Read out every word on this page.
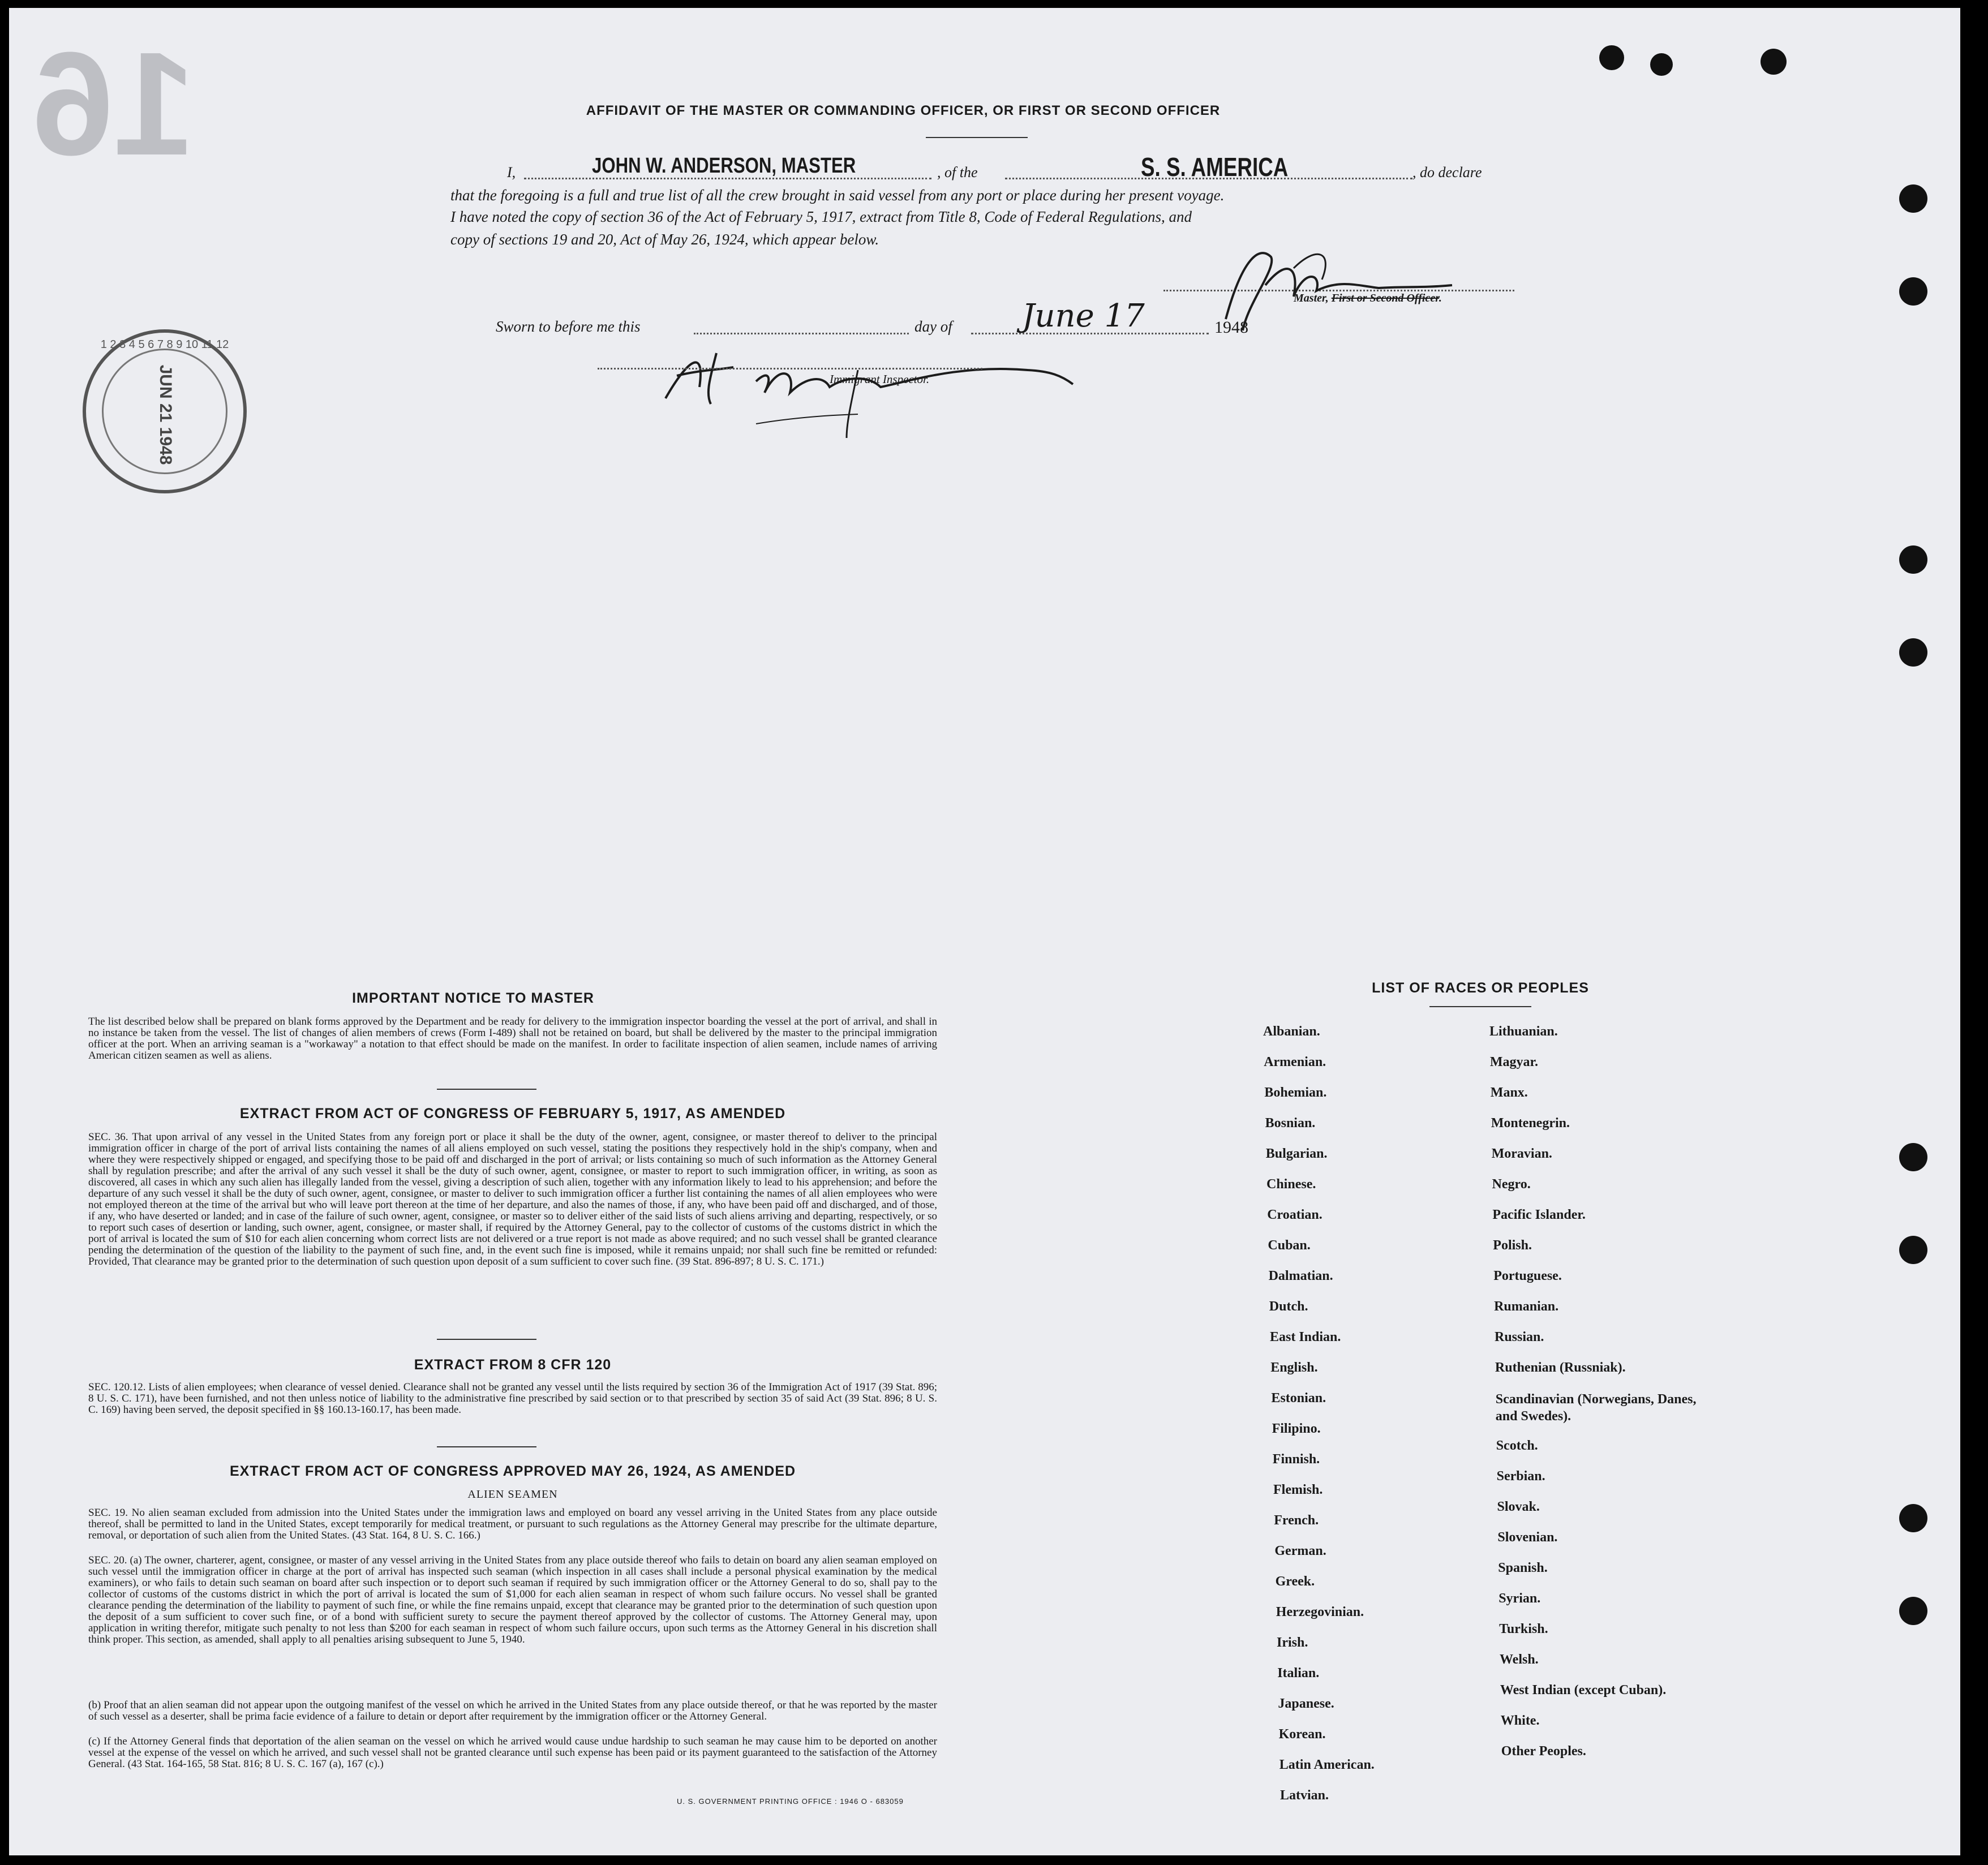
16	AFFIDAVIT OF THE MASTER OR COMMANDING OFFICER, OR FIRST OR SECOND OFFICER
I,	JOHN W. ANDERSON, MASTER	, of the	S. S. AMERICA	, do declare
that the foregoing is a full and true list of all the crew brought in said vessel from any port or place during her present voyage.
I have noted the copy of section 36 of the Act of February 5, 1917, extract from Title 8, Code of Federal Regulations, and
copy of sections 19 and 20, Act of May 26, 1924, which appear below.
Master, First or Second Officer.
Sworn to before me this	day of June 17	1948
Immigrant Inspector.
JUN 21 1948
1 2 3 4 5 6 7 8 9 10 11 12
IMPORTANT NOTICE TO MASTER
The list described below shall be prepared on blank forms approved by the Department and be ready for delivery to the immigration inspector boarding the vessel at the port of arrival, and shall in no instance be taken from the vessel. The list of changes of alien members of crews (Form I-489) shall not be retained on board, but shall be delivered by the master to the principal immigration officer at the port. When an arriving seaman is a "workaway" a notation to that effect should be made on the manifest. In order to facilitate inspection of alien seamen, include names of arriving American citizen seamen as well as aliens.
EXTRACT FROM ACT OF CONGRESS OF FEBRUARY 5, 1917, AS AMENDED
SEC. 36. That upon arrival of any vessel in the United States from any foreign port or place it shall be the duty of the owner, agent, consignee, or master thereof to deliver to the principal immigration officer in charge of the port of arrival lists containing the names of all aliens employed on such vessel, stating the positions they respectively hold in the ship's company, when and where they were respectively shipped or engaged, and specifying those to be paid off and discharged in the port of arrival; or lists containing so much of such information as the Attorney General shall by regulation prescribe; and after the arrival of any such vessel it shall be the duty of such owner, agent, consignee, or master to report to such immigration officer, in writing, as soon as discovered, all cases in which any such alien has illegally landed from the vessel, giving a description of such alien, together with any information likely to lead to his apprehension; and before the departure of any such vessel it shall be the duty of such owner, agent, consignee, or master to deliver to such immigration officer a further list containing the names of all alien employees who were not employed thereon at the time of the arrival but who will leave port thereon at the time of her departure, and also the names of those, if any, who have been paid off and discharged, and of those, if any, who have deserted or landed; and in case of the failure of such owner, agent, consignee, or master so to deliver either of the said lists of such aliens arriving and departing, respectively, or so to report such cases of desertion or landing, such owner, agent, consignee, or master shall, if required by the Attorney General, pay to the collector of customs of the customs district in which the port of arrival is located the sum of $10 for each alien concerning whom correct lists are not delivered or a true report is not made as above required; and no such vessel shall be granted clearance pending the determination of the question of the liability to the payment of such fine, and, in the event such fine is imposed, while it remains unpaid; nor shall such fine be remitted or refunded: Provided, That clearance may be granted prior to the determination of such question upon deposit of a sum sufficient to cover such fine. (39 Stat. 896-897; 8 U. S. C. 171.)
EXTRACT FROM 8 CFR 120
SEC. 120.12. Lists of alien employees; when clearance of vessel denied. Clearance shall not be granted any vessel until the lists required by section 36 of the Immigration Act of 1917 (39 Stat. 896; 8 U. S. C. 171), have been furnished, and not then unless notice of liability to the administrative fine prescribed by said section or to that prescribed by section 35 of said Act (39 Stat. 896; 8 U. S. C. 169) having been served, the deposit specified in §§ 160.13-160.17, has been made.
EXTRACT FROM ACT OF CONGRESS APPROVED MAY 26, 1924, AS AMENDED
ALIEN SEAMEN
SEC. 19. No alien seaman excluded from admission into the United States under the immigration laws and employed on board any vessel arriving in the United States from any place outside thereof, shall be permitted to land in the United States, except temporarily for medical treatment, or pursuant to such regulations as the Attorney General may prescribe for the ultimate departure, removal, or deportation of such alien from the United States. (43 Stat. 164, 8 U. S. C. 166.)
SEC. 20. (a) The owner, charterer, agent, consignee, or master of any vessel arriving in the United States from any place outside thereof who fails to detain on board any alien seaman employed on such vessel until the immigration officer in charge at the port of arrival has inspected such seaman (which inspection in all cases shall include a personal physical examination by the medical examiners), or who fails to detain such seaman on board after such inspection or to deport such seaman if required by such immigration officer or the Attorney General to do so, shall pay to the collector of customs of the customs district in which the port of arrival is located the sum of $1,000 for each alien seaman in respect of whom such failure occurs. No vessel shall be granted clearance pending the determination of the liability to payment of such fine, or while the fine remains unpaid, except that clearance may be granted prior to the determination of such question upon the deposit of a sum sufficient to cover such fine, or of a bond with sufficient surety to secure the payment thereof approved by the collector of customs. The Attorney General may, upon application in writing therefor, mitigate such penalty to not less than $200 for each seaman in respect of whom such failure occurs, upon such terms as the Attorney General in his discretion shall think proper. This section, as amended, shall apply to all penalties arising subsequent to June 5, 1940.
(b) Proof that an alien seaman did not appear upon the outgoing manifest of the vessel on which he arrived in the United States from any place outside thereof, or that he was reported by the master of such vessel as a deserter, shall be prima facie evidence of a failure to detain or deport after requirement by the immigration officer or the Attorney General.
(c) If the Attorney General finds that deportation of the alien seaman on the vessel on which he arrived would cause undue hardship to such seaman he may cause him to be deported on another vessel at the expense of the vessel on which he arrived, and such vessel shall not be granted clearance until such expense has been paid or its payment guaranteed to the satisfaction of the Attorney General. (43 Stat. 164-165, 58 Stat. 816; 8 U. S. C. 167 (a), 167 (c).)
U. S. GOVERNMENT PRINTING OFFICE : 1946 O - 683059
LIST OF RACES OR PEOPLES
Albanian.
Armenian.
Bohemian.
Bosnian.
Bulgarian.
Chinese.
Croatian.
Cuban.
Dalmatian.
Dutch.
East Indian.
English.
Estonian.
Filipino.
Finnish.
Flemish.
French.
German.
Greek.
Herzegovinian.
Irish.
Italian.
Japanese.
Korean.
Latin American.
Latvian.
Lithuanian.
Magyar.
Manx.
Montenegrin.
Moravian.
Negro.
Pacific Islander.
Polish.
Portuguese.
Rumanian.
Russian.
Ruthenian (Russniak).
Scandinavian (Norwegians, Danes, and Swedes).
Scotch.
Serbian.
Slovak.
Slovenian.
Spanish.
Syrian.
Turkish.
Welsh.
West Indian (except Cuban).
White.
Other Peoples.
